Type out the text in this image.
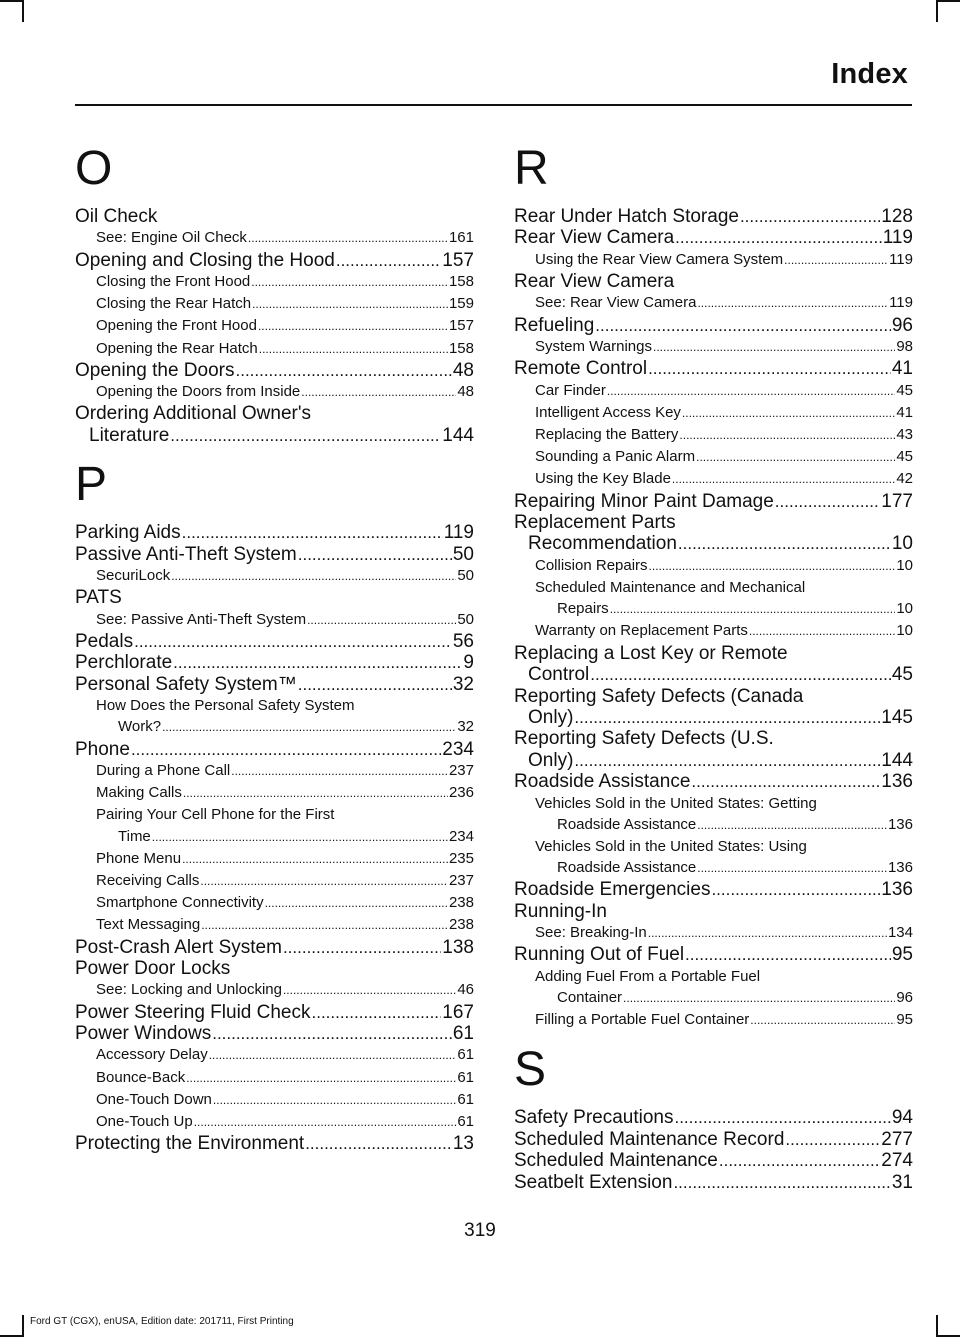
Index
O
Oil Check
See: Engine Oil Check .....	161
Opening and Closing the Hood .....	157
Closing the Front Hood .....	158
Closing the Rear Hatch .....	159
Opening the Front Hood .....	157
Opening the Rear Hatch .....	158
Opening the Doors .....	48
Opening the Doors from Inside .....	48
Ordering Additional Owner's
Literature .....	144
P
Parking Aids .....	119
Passive Anti-Theft System .....	50
SecuriLock .....	50
PATS
See: Passive Anti-Theft System .....	50
Pedals .....	56
Perchlorate .....	9
Personal Safety System™ .....	32
How Does the Personal Safety System
Work? .....	32
Phone .....	234
During a Phone Call .....	237
Making Calls .....	236
Pairing Your Cell Phone for the First
Time .....	234
Phone Menu .....	235
Receiving Calls .....	237
Smartphone Connectivity .....	238
Text Messaging .....	238
Post-Crash Alert System .....	138
Power Door Locks
See: Locking and Unlocking .....	46
Power Steering Fluid Check .....	167
Power Windows .....	61
Accessory Delay .....	61
Bounce-Back .....	61
One-Touch Down .....	61
One-Touch Up .....	61
Protecting the Environment .....	13
R
Rear Under Hatch Storage .....	128
Rear View Camera .....	119
Using the Rear View Camera System .....	119
Rear View Camera
See: Rear View Camera .....	119
Refueling .....	96
System Warnings .....	98
Remote Control .....	41
Car Finder .....	45
Intelligent Access Key .....	41
Replacing the Battery .....	43
Sounding a Panic Alarm .....	45
Using the Key Blade .....	42
Repairing Minor Paint Damage .....	177
Replacement Parts
Recommendation .....	10
Collision Repairs .....	10
Scheduled Maintenance and Mechanical
Repairs .....	10
Warranty on Replacement Parts .....	10
Replacing a Lost Key or Remote
Control .....	45
Reporting Safety Defects (Canada
Only) .....	145
Reporting Safety Defects (U.S.
Only) .....	144
Roadside Assistance .....	136
Vehicles Sold in the United States: Getting
Roadside Assistance .....	136
Vehicles Sold in the United States: Using
Roadside Assistance .....	136
Roadside Emergencies .....	136
Running-In
See: Breaking-In .....	134
Running Out of Fuel .....	95
Adding Fuel From a Portable Fuel
Container .....	96
Filling a Portable Fuel Container .....	95
S
Safety Precautions .....	94
Scheduled Maintenance Record .....	277
Scheduled Maintenance .....	274
Seatbelt Extension .....	31
319
Ford GT (CGX), enUSA, Edition date: 201711, First Printing
